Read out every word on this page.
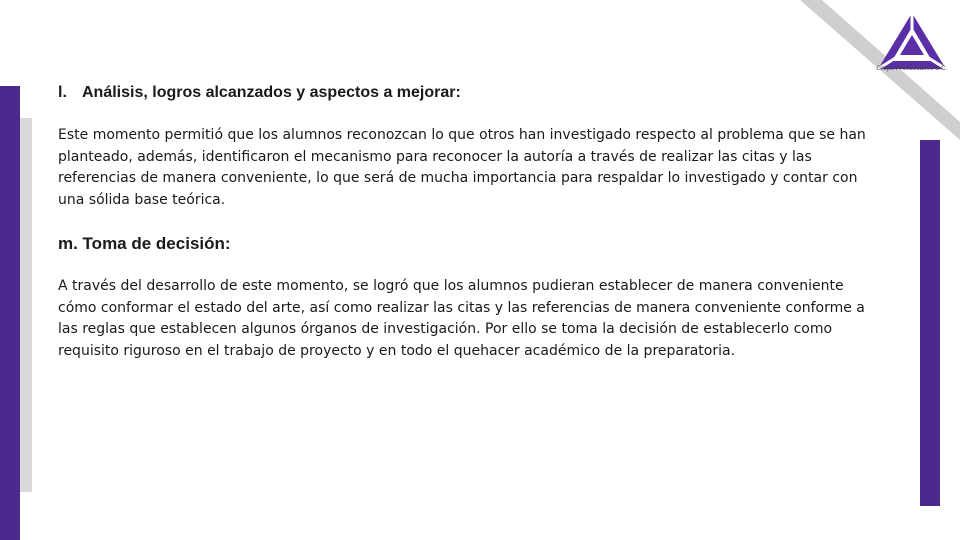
Grupo Proeducativo S.C.
l. Análisis, logros alcanzados y aspectos a mejorar:

Este momento permitió que los alumnos reconozcan lo que otros han investigado respecto al problema que se han planteado, además, identificaron el mecanismo para reconocer la autoría a través de realizar las citas y las referencias de manera conveniente, lo que será de mucha importancia para respaldar lo investigado y contar con una sólida base teórica.

m. Toma de decisión:

A través del desarrollo de este momento, se logró que los alumnos pudieran establecer de manera conveniente cómo conformar el estado del arte, así como realizar las citas y las referencias de manera conveniente conforme a las reglas que establecen algunos órganos de investigación. Por ello se toma la decisión de establecerlo como requisito riguroso en el trabajo de proyecto y en todo el quehacer académico de la preparatoria.
